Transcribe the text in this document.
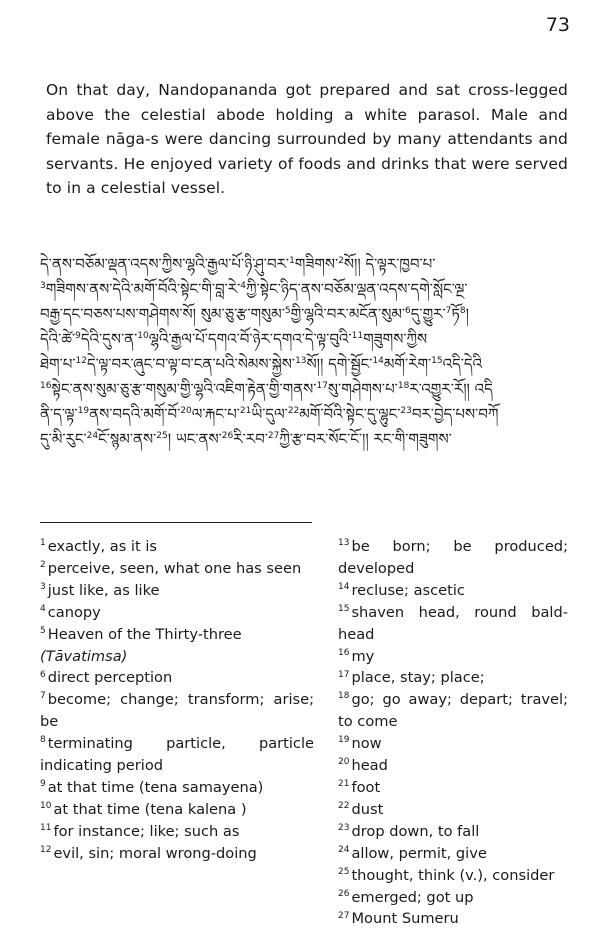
73
On that day, Nandopananda got prepared and sat cross-legged above the celestial abode holding a white parasol. Male and female nāga-s were dancing surrounded by many attendants and servants. He enjoyed variety of foods and drinks that were served to in a celestial vessel.
དེ་ནས་བཅོམ་ལྡན་འདས་ཀྱིས་ལྷའི་རྒྱལ་པོ་ཉི་ཤུ་བར་$^1$གཟིགས་$^2$སོ།། དེ་ལྟར་ཁྱབ་པ་
$^3$གཟིགས་ནས་དེའི་མགོ་བོའི་སྟེང་གི་བླ་རེ་$^4$ཀྱི་སྟེང་ཉིད་ནས་བཅོམ་ལྡན་འདས་དགེ་སློང་ལྔ་
བརྒྱ་དང་བཅས་པས་གཤེགས་སོ། སུམ་ཅུ་རྩ་གསུམ་$^5$གྱི་ལྷའི་བར་མངོན་སུམ་$^6$དུ་གྱུར་$^7$ཏོ$^8$།
དེའི་ཚེ་$^9$དེའི་དུས་ན་$^{10}$ལྷའི་རྒྱལ་པོ་དགའ་བོ་ཉེར་དགའ་དེ་ལྟ་བུའི་$^{11}$གཟུགས་ཀྱིས
ཐེག་པ་$^{12}$དེ་ལྟ་བར་ཞུང་བ་ལྟ་བ་ངན་པའི་སེམས་སྐྱེས་$^{13}$སོ།། དགེ་སྦྱོང་$^{14}$མགོ་རེག་$^{15}$འདི་དེའི
$^{16}$སྟེང་ནས་སུམ་ཅུ་རྩ་གསུམ་གྱི་ལྷའི་འཇིག་རྟེན་གྱི་གནས་$^{17}$སུ་གཤེགས་པ་$^{18}$ར་འགྱུར་རོ།། འདི
ནི་ད་ལྟ་$^{19}$ནས་བདའི་མགོ་བོ་$^{20}$ལ་རྐང་པ་$^{21}$ཡི་དུལ་$^{22}$མགོ་བོའི་སྟེང་དུ་ལྷུང་$^{23}$བར་བྱེད་པས་བཀོ
དུ་མི་རུང་$^{24}$ངོ་སྙམ་ནས་$^{25}$། ཡང་ནས་$^{26}$རི་རབ་$^{27}$ཀྱི་རྩ་བར་སོང་ངོ་།། རང་གི་གཟུགས་
$^1$ exactly, as it is
$^2$ perceive, seen, what one has seen
$^3$ just like, as like
$^4$ canopy
$^5$ Heaven of the Thirty-three
(Tāvatimsa)
$^6$ direct perception
$^7$ become; change; transform; arise; be
$^8$ terminating particle, particle indicating period
$^9$ at that time (tena samayena)
$^{10}$ at that time (tena kalena )
$^{11}$ for instance; like; such as
$^{12}$ evil, sin; moral wrong-doing
$^{13}$ be born; be produced; developed
$^{14}$ recluse; ascetic
$^{15}$ shaven head, round bald-head
$^{16}$ my
$^{17}$ place, stay; place;
$^{18}$ go; go away; depart; travel; to come
$^{19}$ now
$^{20}$ head
$^{21}$ foot
$^{22}$ dust
$^{23}$ drop down, to fall
$^{24}$ allow, permit, give
$^{25}$ thought, think (v.), consider
$^{26}$ emerged; got up
$^{27}$ Mount Sumeru
